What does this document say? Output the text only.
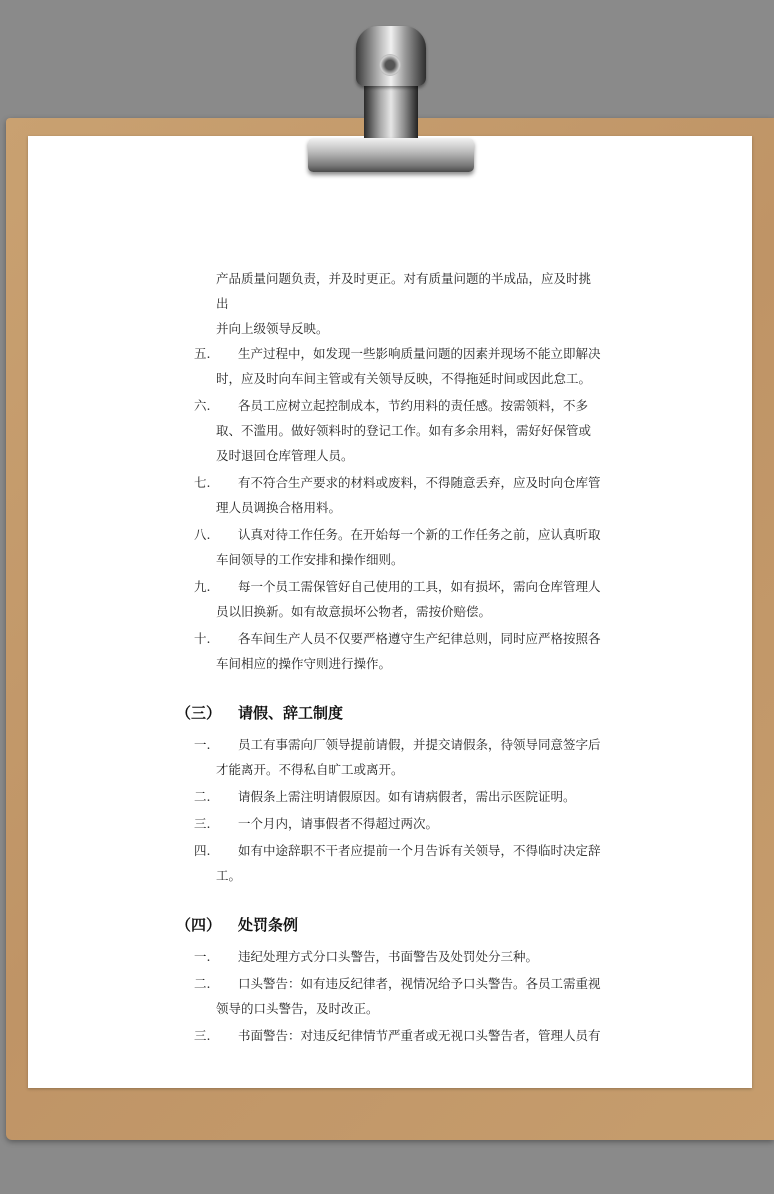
产品质量问题负责，并及时更正。对有质量问题的半成品，应及时挑出
并向上级领导反映。
五.	生产过程中，如发现一些影响质量问题的因素并现场不能立即解决时，应及时向车间主管或有关领导反映，不得拖延时间或因此怠工。
六.	各员工应树立起控制成本，节约用料的责任感。按需领料，不多取、不滥用。做好领料时的登记工作。如有多余用料，需好好保管或及时退回仓库管理人员。
七.	有不符合生产要求的材料或废料，不得随意丢弃，应及时向仓库管理人员调换合格用料。
八.	认真对待工作任务。在开始每一个新的工作任务之前，应认真听取车间领导的工作安排和操作细则。
九.	每一个员工需保管好自己使用的工具，如有损坏，需向仓库管理人员以旧换新。如有故意损坏公物者，需按价赔偿。
十.	各车间生产人员不仅要严格遵守生产纪律总则，同时应严格按照各车间相应的操作守则进行操作。
（三） 请假、辞工制度
一.	员工有事需向厂领导提前请假，并提交请假条，待领导同意签字后才能离开。不得私自旷工或离开。
二.	请假条上需注明请假原因。如有请病假者，需出示医院证明。
三.	一个月内，请事假者不得超过两次。
四.	如有中途辞职不干者应提前一个月告诉有关领导，不得临时决定辞工。
（四） 处罚条例
一.	违纪处理方式分口头警告，书面警告及处罚处分三种。
二.	口头警告：如有违反纪律者，视情况给予口头警告。各员工需重视领导的口头警告，及时改正。
三.	书面警告：对违反纪律情节严重者或无视口头警告者，管理人员有
